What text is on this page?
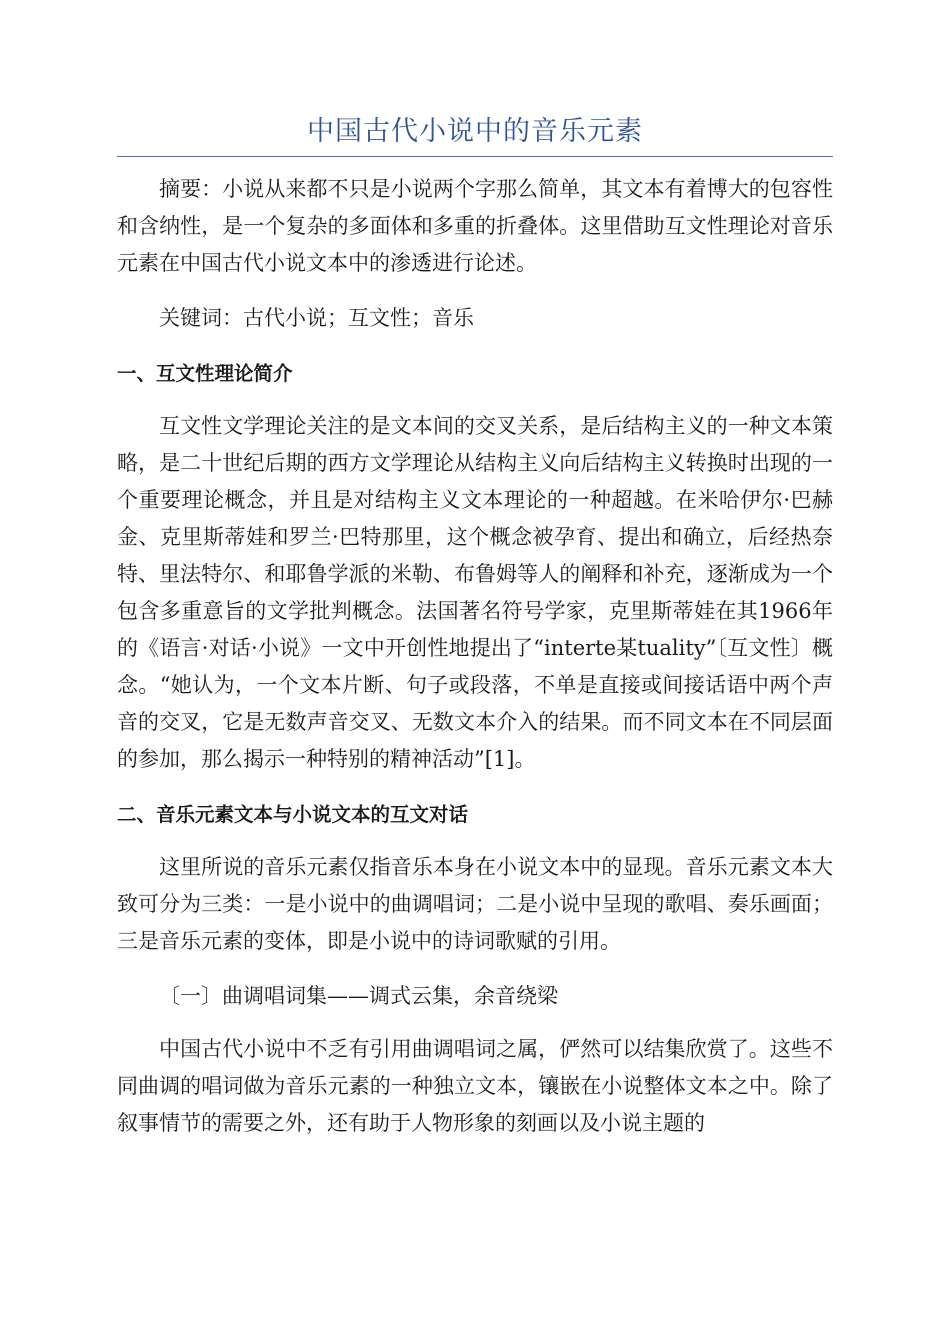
中国古代小说中的音乐元素

摘要：小说从来都不只是小说两个字那么简单，其文本有着博大的包容性和含纳性，是一个复杂的多面体和多重的折叠体。这里借助互文性理论对音乐元素在中国古代小说文本中的渗透进行论述。

关键词：古代小说；互文性；音乐

一、互文性理论简介

互文性文学理论关注的是文本间的交叉关系，是后结构主义的一种文本策略，是二十世纪后期的西方文学理论从结构主义向后结构主义转换时出现的一个重要理论概念，并且是对结构主义文本理论的一种超越。在米哈伊尔·巴赫金、克里斯蒂娃和罗兰·巴特那里，这个概念被孕育、提出和确立，后经热奈特、里法特尔、和耶鲁学派的米勒、布鲁姆等人的阐释和补充，逐渐成为一个包含多重意旨的文学批判概念。法国著名符号学家，克里斯蒂娃在其1966年的《语言·对话·小说》一文中开创性地提出了“interte某tuality”〔互文性〕概念。“她认为，一个文本片断、句子或段落，不单是直接或间接话语中两个声音的交叉，它是无数声音交叉、无数文本介入的结果。而不同文本在不同层面的参加，那么揭示一种特别的精神活动”[1]。

二、音乐元素文本与小说文本的互文对话

这里所说的音乐元素仅指音乐本身在小说文本中的显现。音乐元素文本大致可分为三类：一是小说中的曲调唱词；二是小说中呈现的歌唱、奏乐画面；三是音乐元素的变体，即是小说中的诗词歌赋的引用。

〔一〕曲调唱词集——调式云集，余音绕梁

中国古代小说中不乏有引用曲调唱词之属，俨然可以结集欣赏了。这些不同曲调的唱词做为音乐元素的一种独立文本，镶嵌在小说整体文本之中。除了叙事情节的需要之外，还有助于人物形象的刻画以及小说主题的
